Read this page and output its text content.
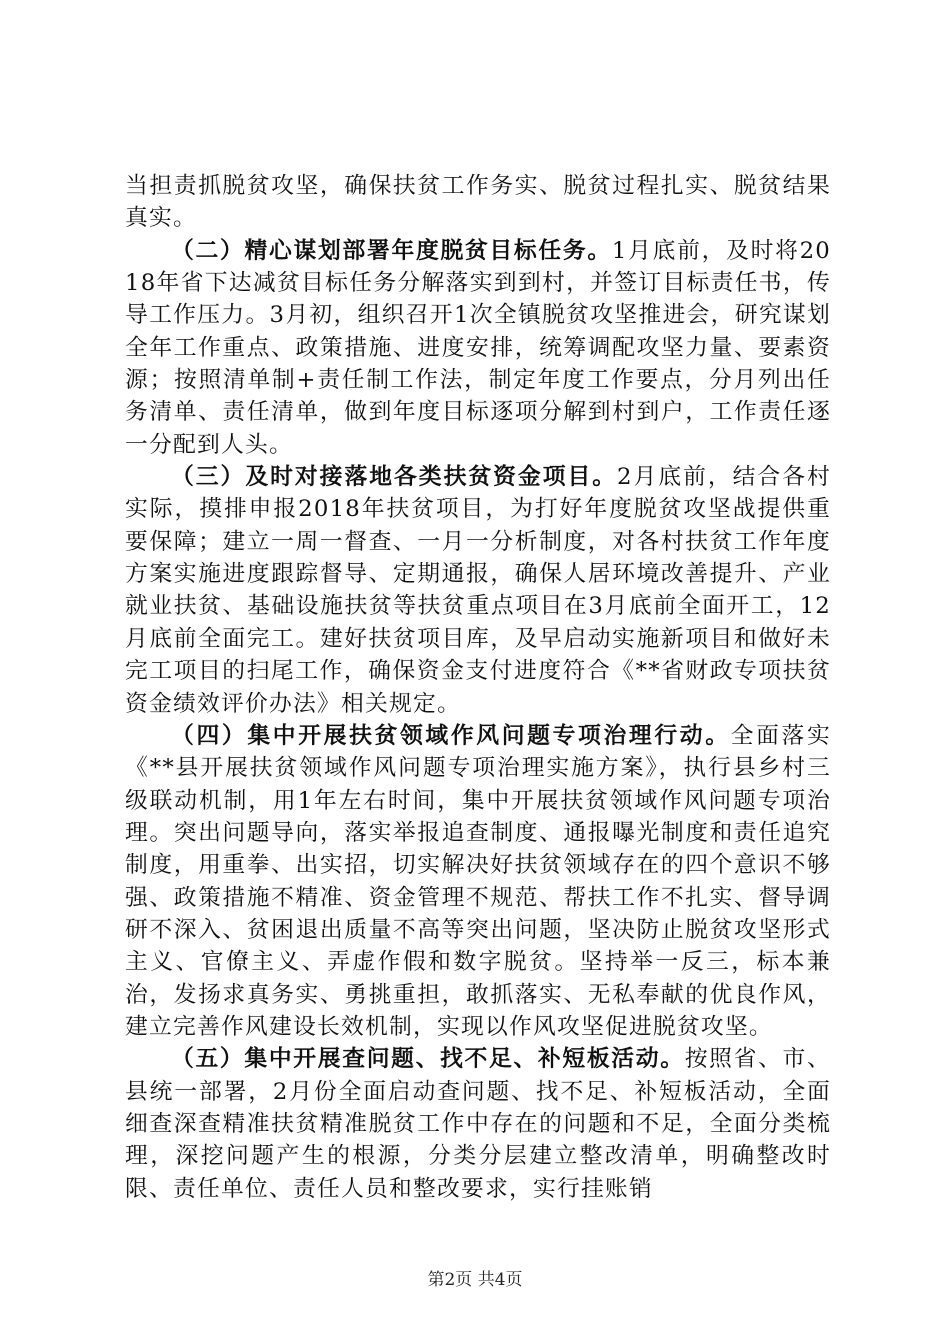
当担责抓脱贫攻坚，确保扶贫工作务实、脱贫过程扎实、脱贫结果真实。

（二）精心谋划部署年度脱贫目标任务。1月底前，及时将2018年省下达减贫目标任务分解落实到到村，并签订目标责任书，传导工作压力。3月初，组织召开1次全镇脱贫攻坚推进会，研究谋划全年工作重点、政策措施、进度安排，统筹调配攻坚力量、要素资源；按照清单制+责任制工作法，制定年度工作要点，分月列出任务清单、责任清单，做到年度目标逐项分解到村到户，工作责任逐一分配到人头。

（三）及时对接落地各类扶贫资金项目。2月底前，结合各村实际，摸排申报2018年扶贫项目，为打好年度脱贫攻坚战提供重要保障；建立一周一督查、一月一分析制度，对各村扶贫工作年度方案实施进度跟踪督导、定期通报，确保人居环境改善提升、产业就业扶贫、基础设施扶贫等扶贫重点项目在3月底前全面开工，12月底前全面完工。建好扶贫项目库，及早启动实施新项目和做好未完工项目的扫尾工作，确保资金支付进度符合《**省财政专项扶贫资金绩效评价办法》相关规定。

（四）集中开展扶贫领域作风问题专项治理行动。全面落实《**县开展扶贫领域作风问题专项治理实施方案》，执行县乡村三级联动机制，用1年左右时间，集中开展扶贫领域作风问题专项治理。突出问题导向，落实举报追查制度、通报曝光制度和责任追究制度，用重拳、出实招，切实解决好扶贫领域存在的四个意识不够强、政策措施不精准、资金管理不规范、帮扶工作不扎实、督导调研不深入、贫困退出质量不高等突出问题，坚决防止脱贫攻坚形式主义、官僚主义、弄虚作假和数字脱贫。坚持举一反三，标本兼治，发扬求真务实、勇挑重担，敢抓落实、无私奉献的优良作风，建立完善作风建设长效机制，实现以作风攻坚促进脱贫攻坚。

（五）集中开展查问题、找不足、补短板活动。按照省、市、县统一部署，2月份全面启动查问题、找不足、补短板活动，全面细查深查精准扶贫精准脱贫工作中存在的问题和不足，全面分类梳理，深挖问题产生的根源，分类分层建立整改清单，明确整改时限、责任单位、责任人员和整改要求，实行挂账销

第2页 共4页
